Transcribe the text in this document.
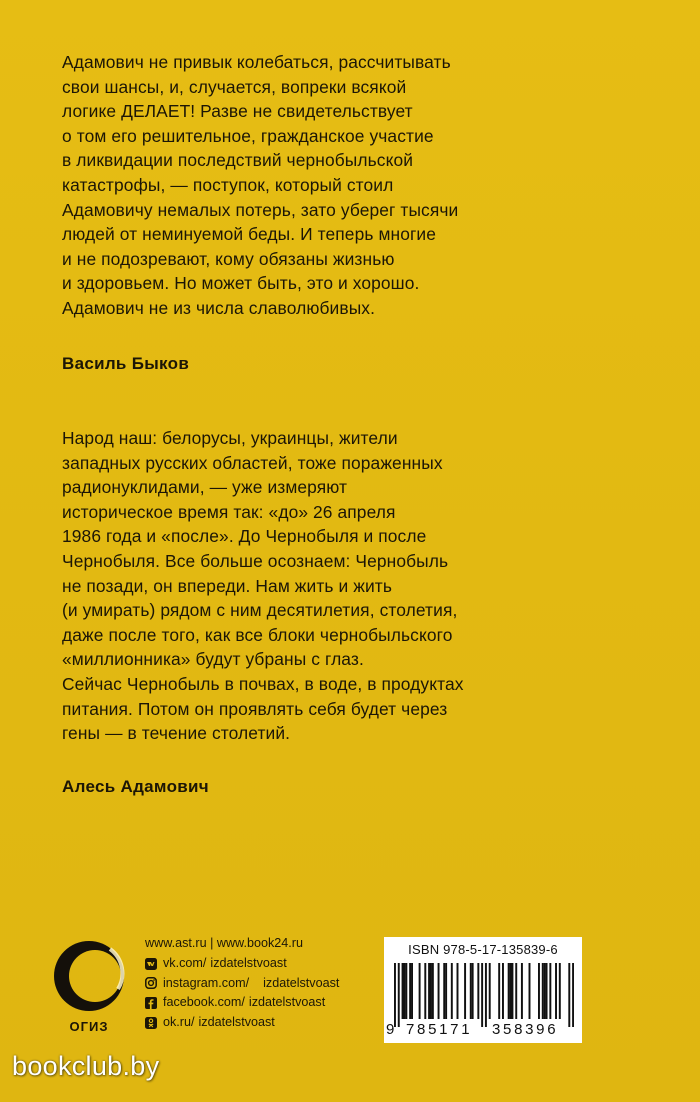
Адамович не привык колебаться, рассчитывать
свои шансы, и, случается, вопреки всякой
логике ДЕЛАЕТ! Разве не свидетельствует
о том его решительное, гражданское участие
в ликвидации последствий чернобыльской
катастрофы, — поступок, который стоил
Адамовичу немалых потерь, зато уберег тысячи
людей от неминуемой беды. И теперь многие
и не подозревают, кому обязаны жизнью
и здоровьем. Но может быть, это и хорошо.
Адамович не из числа славолюбивых.
Василь Быков
Народ наш: белорусы, украинцы, жители
западных русских областей, тоже пораженных
радионуклидами, — уже измеряют
историческое время так: «до» 26 апреля
1986 года и «после». До Чернобыля и после
Чернобыля. Все больше осознаем: Чернобыль
не позади, он впереди. Нам жить и жить
(и умирать) рядом с ним десятилетия, столетия,
даже после того, как все блоки чернобыльского
«миллионника» будут убраны с глаз.
Сейчас Чернобыль в почвах, в воде, в продуктах
питания. Потом он проявлять себя будет через
гены — в течение столетий.
Алесь Адамович
ОГИЗ
www.ast.ru | www.book24.ru
vk.com/ izdatelstvoast
instagram.com/ izdatelstvoast
facebook.com/ izdatelstvoast
ok.ru/ izdatelstvoast
ISBN 978-5-17-135839-6
9 785171 358396
bookclub.by
